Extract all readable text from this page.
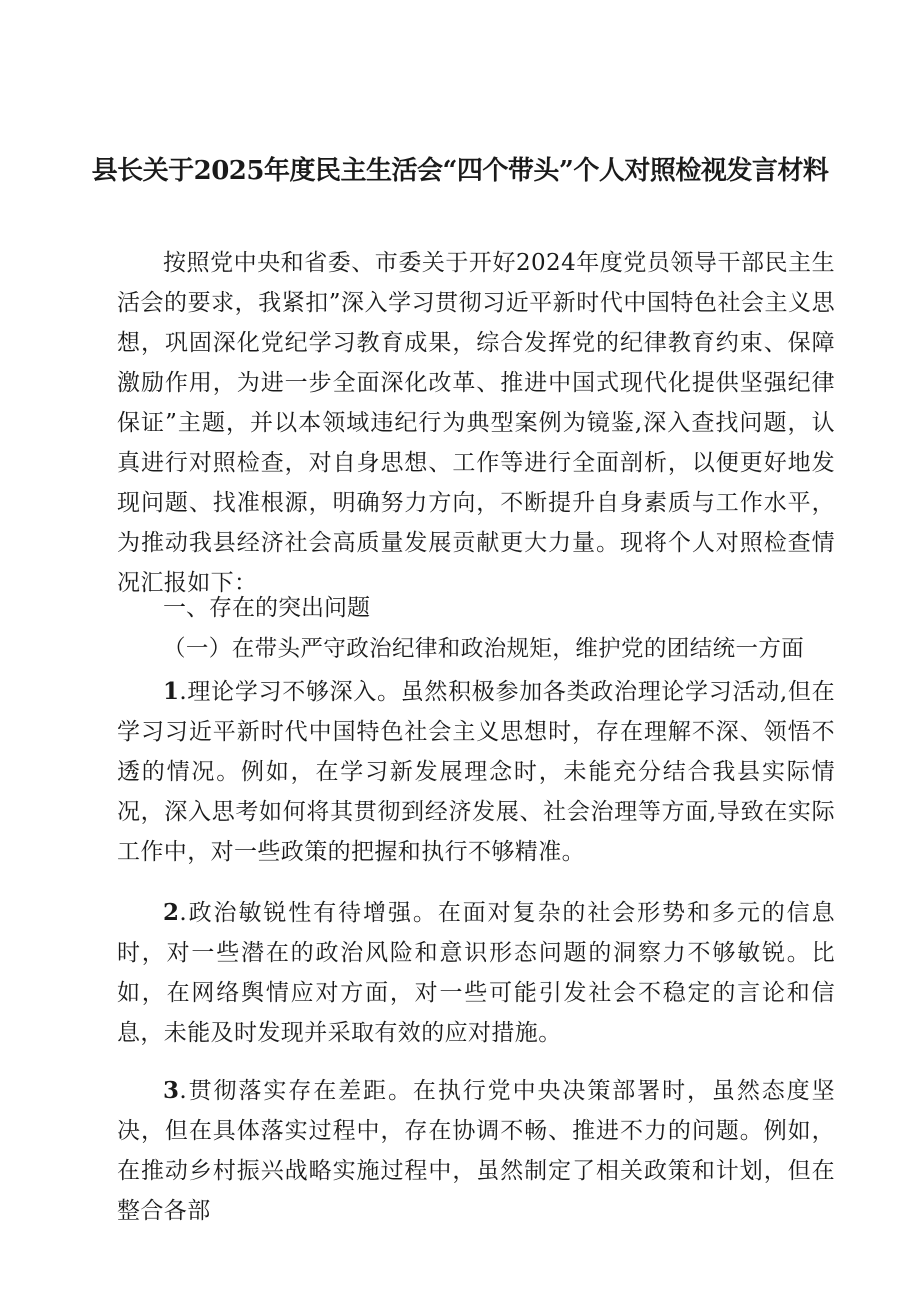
县长关于2025年度民主生活会“四个带头”个人对照检视发言材料

按照党中央和省委、市委关于开好2024年度党员领导干部民主生活会的要求，我紧扣”深入学习贯彻习近平新时代中国特色社会主义思想，巩固深化党纪学习教育成果，综合发挥党的纪律教育约束、保障激励作用，为进一步全面深化改革、推进中国式现代化提供坚强纪律保证”主题，并以本领域违纪行为典型案例为镜鉴,深入查找问题，认真进行对照检查，对自身思想、工作等进行全面剖析，以便更好地发现问题、找准根源，明确努力方向，不断提升自身素质与工作水平，为推动我县经济社会高质量发展贡献更大力量。现将个人对照检查情况汇报如下：

一、存在的突出问题
（一）在带头严守政治纪律和政治规矩，维护党的团结统一方面

1.理论学习不够深入。虽然积极参加各类政治理论学习活动,但在学习习近平新时代中国特色社会主义思想时，存在理解不深、领悟不透的情况。例如，在学习新发展理念时，未能充分结合我县实际情况，深入思考如何将其贯彻到经济发展、社会治理等方面,导致在实际工作中，对一些政策的把握和执行不够精准。

2.政治敏锐性有待增强。在面对复杂的社会形势和多元的信息时，对一些潜在的政治风险和意识形态问题的洞察力不够敏锐。比如，在网络舆情应对方面，对一些可能引发社会不稳定的言论和信息，未能及时发现并采取有效的应对措施。

3.贯彻落实存在差距。在执行党中央决策部署时，虽然态度坚决，但在具体落实过程中，存在协调不畅、推进不力的问题。例如，在推动乡村振兴战略实施过程中，虽然制定了相关政策和计划，但在整合各部
